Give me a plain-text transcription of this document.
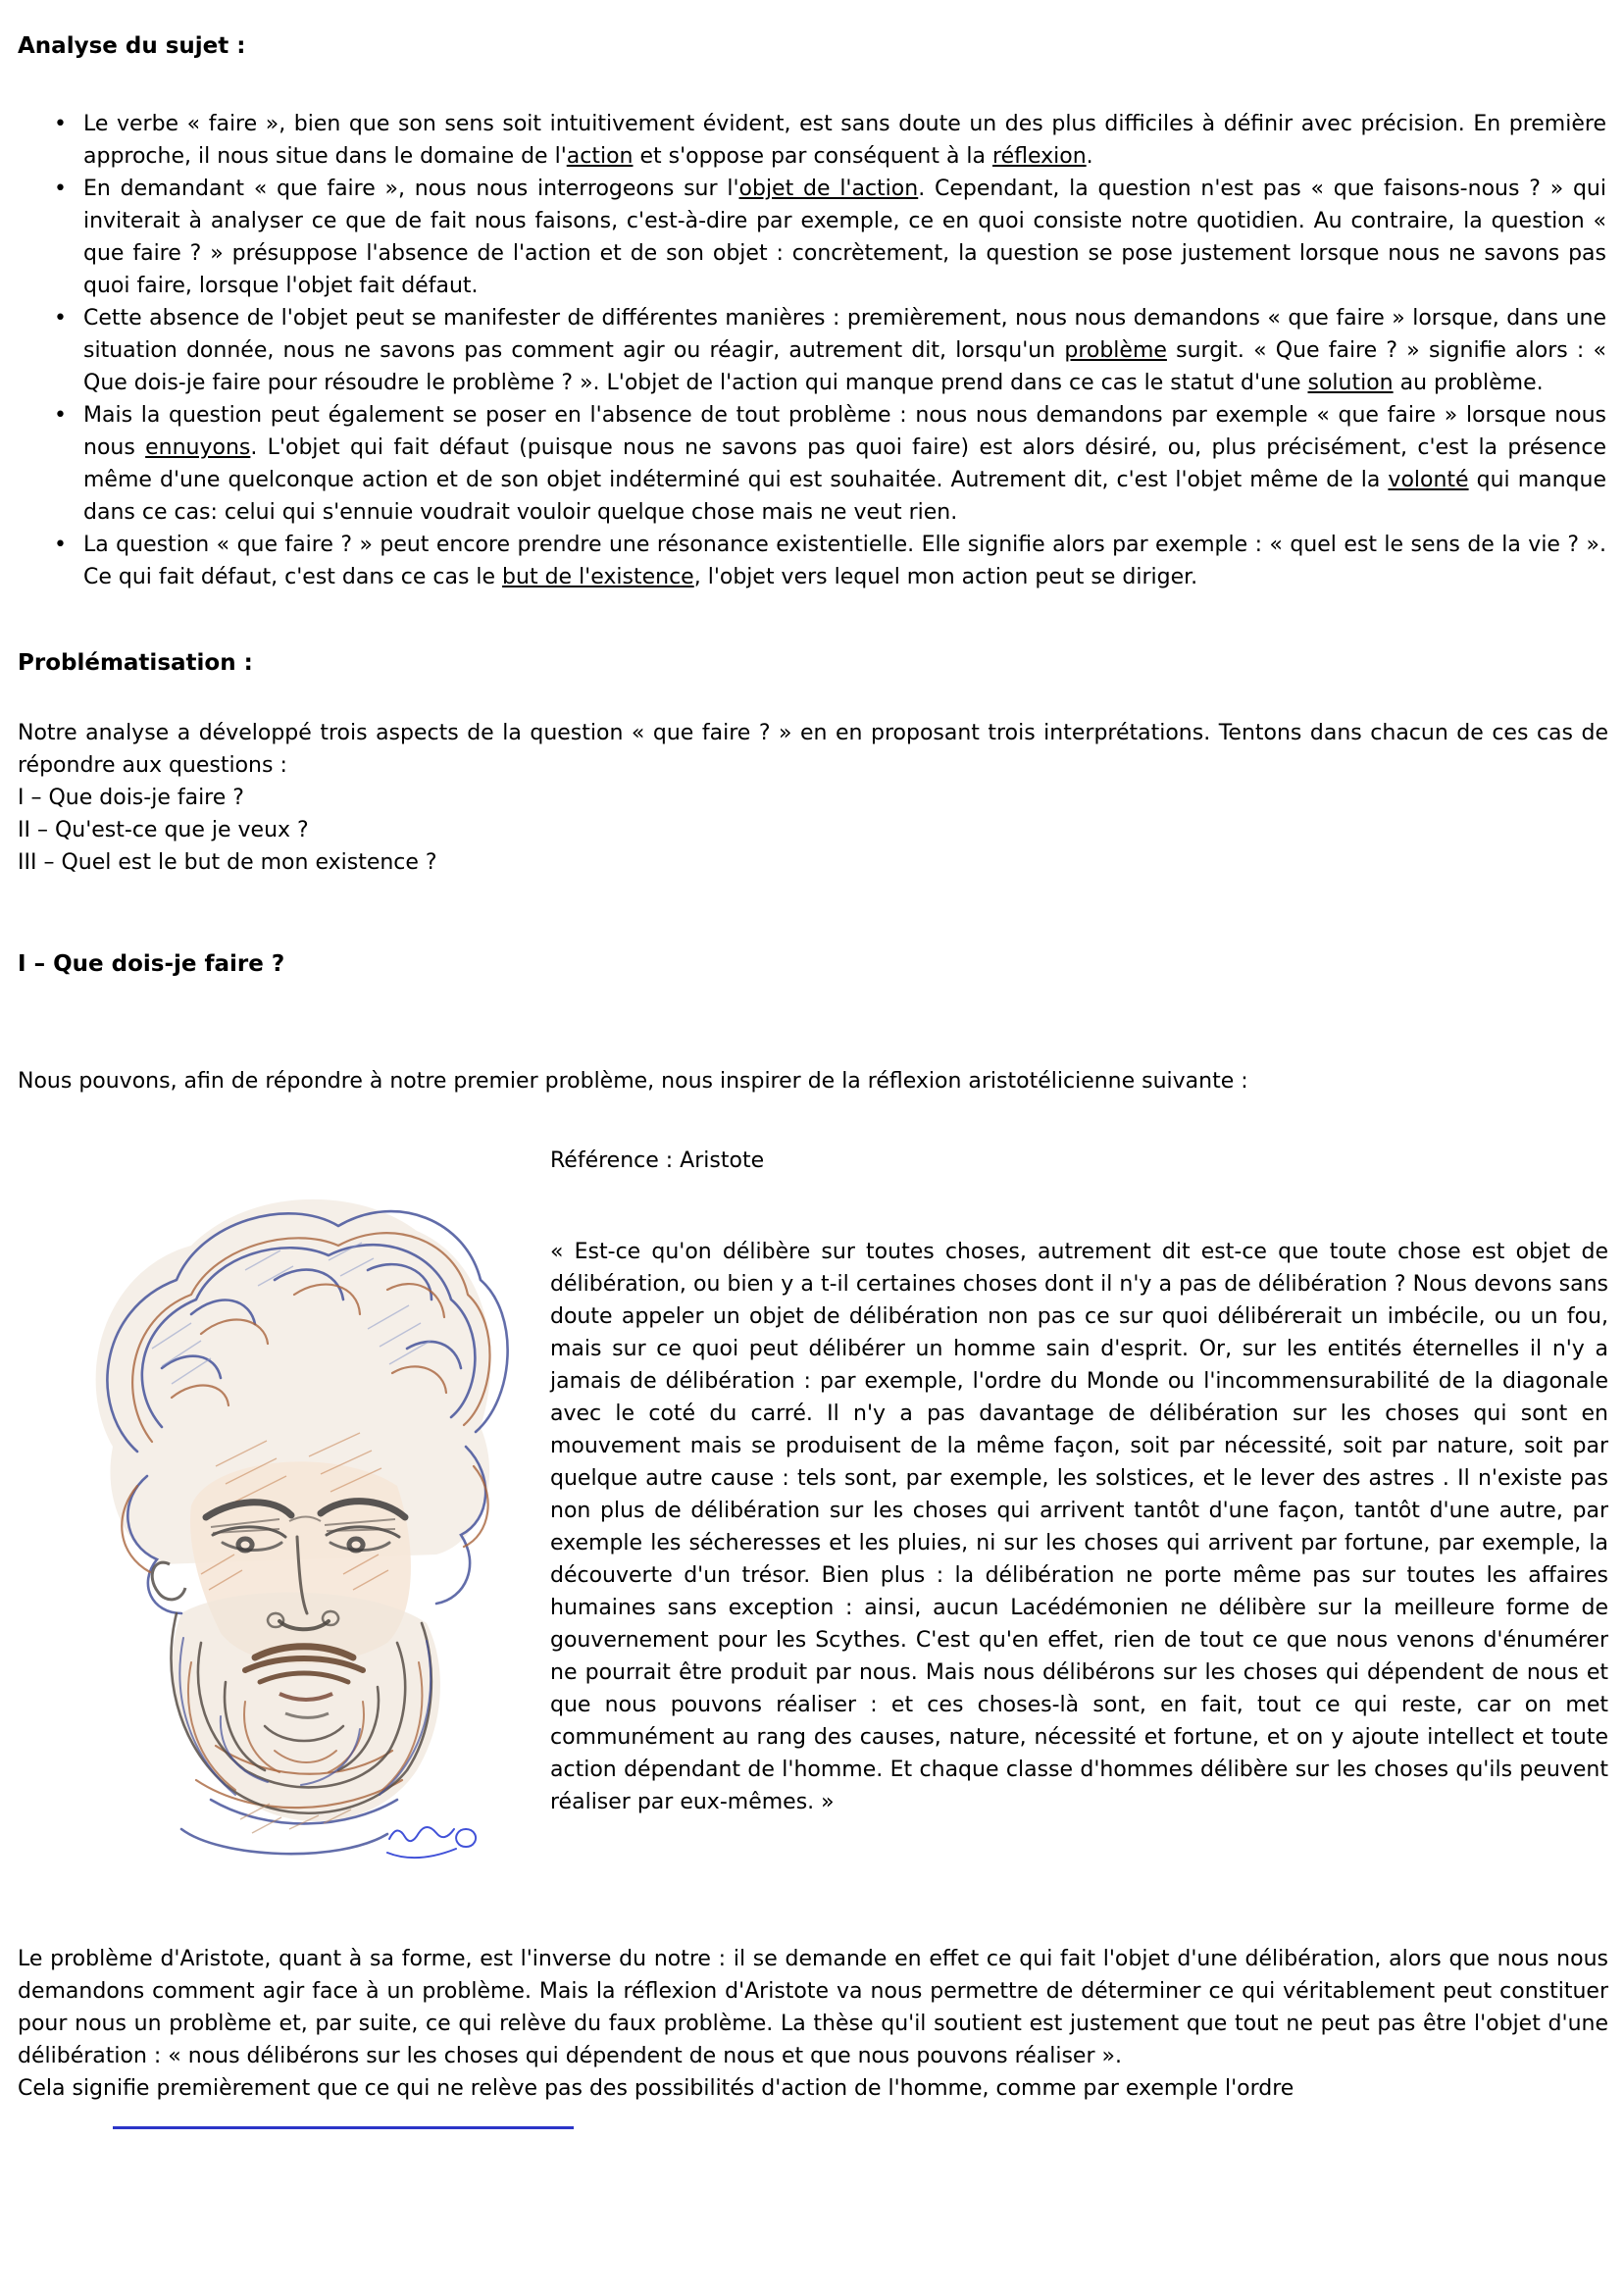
Analyse du sujet :
• Le verbe « faire », bien que son sens soit intuitivement évident, est sans doute un des plus difficiles à définir avec précision. En première approche, il nous situe dans le domaine de l'action et s'oppose par conséquent à la réflexion.
• En demandant « que faire », nous nous interrogeons sur l'objet de l'action. Cependant, la question n'est pas « que faisons-nous ? » qui inviterait à analyser ce que de fait nous faisons, c'est-à-dire par exemple, ce en quoi consiste notre quotidien. Au contraire, la question « que faire ? » présuppose l'absence de l'action et de son objet : concrètement, la question se pose justement lorsque nous ne savons pas quoi faire, lorsque l'objet fait défaut.
• Cette absence de l'objet peut se manifester de différentes manières : premièrement, nous nous demandons « que faire » lorsque, dans une situation donnée, nous ne savons pas comment agir ou réagir, autrement dit, lorsqu'un problème surgit. « Que faire ? » signifie alors : « Que dois-je faire pour résoudre le problème ? ». L'objet de l'action qui manque prend dans ce cas le statut d'une solution au problème.
• Mais la question peut également se poser en l'absence de tout problème : nous nous demandons par exemple « que faire » lorsque nous nous ennuyons. L'objet qui fait défaut (puisque nous ne savons pas quoi faire) est alors désiré, ou, plus précisément, c'est la présence même d'une quelconque action et de son objet indéterminé qui est souhaitée. Autrement dit, c'est l'objet même de la volonté qui manque dans ce cas: celui qui s'ennuie voudrait vouloir quelque chose mais ne veut rien.
• La question « que faire ? » peut encore prendre une résonance existentielle. Elle signifie alors par exemple : « quel est le sens de la vie ? ». Ce qui fait défaut, c'est dans ce cas le but de l'existence, l'objet vers lequel mon action peut se diriger.
Problématisation :

Notre analyse a développé trois aspects de la question « que faire ? » en en proposant trois interprétations. Tentons dans chacun de ces cas de répondre aux questions :

I – Que dois-je faire ?
II – Qu'est-ce que je veux ?
III – Quel est le but de mon existence ?
I – Que dois-je faire ?

Nous pouvons, afin de répondre à notre premier problème, nous inspirer de la réflexion aristotélicienne suivante :

Référence : Aristote

« Est-ce qu'on délibère sur toutes choses, autrement dit est-ce que toute chose est objet de délibération, ou bien y a t-il certaines choses dont il n'y a pas de délibération ? Nous devons sans doute appeler un objet de délibération non pas ce sur quoi délibérerait un imbécile, ou un fou, mais sur ce quoi peut délibérer un homme sain d'esprit. Or, sur les entités éternelles il n'y a jamais de délibération : par exemple, l'ordre du Monde ou l'incommensurabilité de la diagonale avec le coté du carré. Il n'y a pas davantage de délibération sur les choses qui sont en mouvement mais se produisent de la même façon, soit par nécessité, soit par nature, soit par quelque autre cause : tels sont, par exemple, les solstices, et le lever des astres . Il n'existe pas non plus de délibération sur les choses qui arrivent tantôt d'une façon, tantôt d'une autre, par exemple les sécheresses et les pluies, ni sur les choses qui arrivent par fortune, par exemple, la découverte d'un trésor. Bien plus : la délibération ne porte même pas sur toutes les affaires humaines sans exception : ainsi, aucun Lacédémonien ne délibère sur la meilleure forme de gouvernement pour les Scythes. C'est qu'en effet, rien de tout ce que nous venons d'énumérer ne pourrait être produit par nous. Mais nous délibérons sur les choses qui dépendent de nous et que nous pouvons réaliser : et ces choses-là sont, en fait, tout ce qui reste, car on met communément au rang des causes, nature, nécessité et fortune, et on y ajoute intellect et toute action dépendant de l'homme. Et chaque classe d'hommes délibère sur les choses qu'ils peuvent réaliser par eux-mêmes. »

Le problème d'Aristote, quant à sa forme, est l'inverse du notre : il se demande en effet ce qui fait l'objet d'une délibération, alors que nous nous demandons comment agir face à un problème. Mais la réflexion d'Aristote va nous permettre de déterminer ce qui véritablement peut constituer pour nous un problème et, par suite, ce qui relève du faux problème. La thèse qu'il soutient est justement que tout ne peut pas être l'objet d'une délibération : « nous délibérons sur les choses qui dépendent de nous et que nous pouvons réaliser ».

Cela signifie premièrement que ce qui ne relève pas des possibilités d'action de l'homme, comme par exemple l'ordre
